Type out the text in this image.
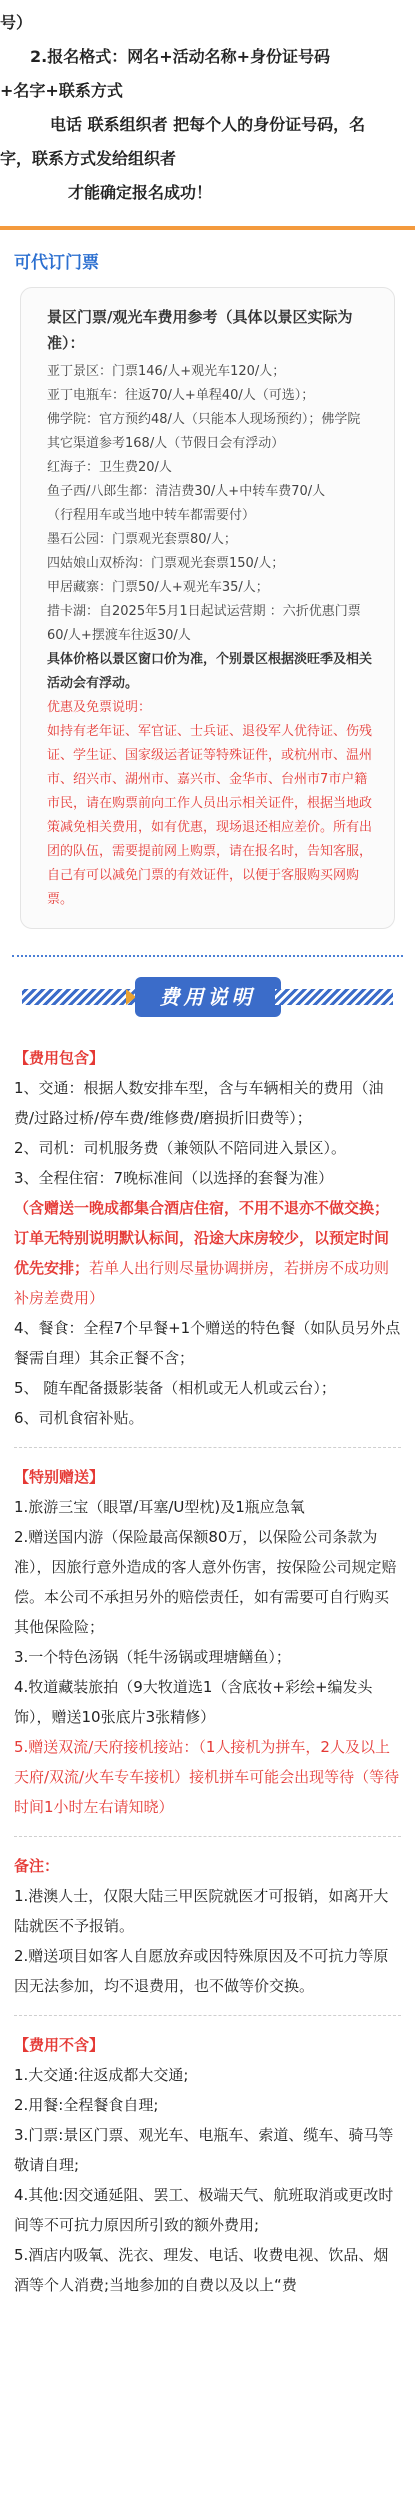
号）

2.报名格式：网名+活动名称+身份证号码

+名字+联系方式

电话 联系组织者 把每个人的身份证号码，名

字，联系方式发给组织者

才能确定报名成功！

可代订门票

景区门票/观光车费用参考（具体以景区实际为准）：

亚丁景区：门票146/人+观光车120/人；

亚丁电瓶车：往返70/人+单程40/人（可选）；

佛学院：官方预约48/人（只能本人现场预约）；佛学院其它渠道参考168/人（节假日会有浮动）

红海子：卫生费20/人

鱼子西/八郎生都：清洁费30/人+中转车费70/人

（行程用车或当地中转车都需要付）

墨石公园：门票观光套票80/人；

四姑娘山双桥沟：门票观光套票150/人；

甲居藏寨：门票50/人+观光车35/人；

措卡湖：自2025年5月1日起试运营期 ：六折优惠门票60/人+摆渡车往返30/人

具体价格以景区窗口价为准，个别景区根据淡旺季及相关活动会有浮动。

优惠及免票说明：

如持有老年证、军官证、士兵证、退役军人优待证、伤残证、学生证、国家级运者证等特殊证件，或杭州市、温州市、绍兴市、湖州市、嘉兴市、金华市、台州市7市户籍市民，请在购票前向工作人员出示相关证件，根据当地政策减免相关费用，如有优惠，现场退还相应差价。所有出团的队伍，需要提前网上购票，请在报名时，告知客服，自己有可以减免门票的有效证件，以便于客服购买网购票。

费用说明

【费用包含】

1、交通：根据人数安排车型，含与车辆相关的费用（油费/过路过桥/停车费/维修费/磨损折旧费等）；

2、司机：司机服务费（兼领队不陪同进入景区）。

3、全程住宿：7晚标准间（以选择的套餐为准）

（含赠送一晚成都集合酒店住宿，不用不退亦不做交换；订单无特别说明默认标间，沿途大床房较少，以预定时间优先安排；若单人出行则尽量协调拼房，若拼房不成功则补房差费用）

4、餐食：全程7个早餐+1个赠送的特色餐（如队员另外点餐需自理）其余正餐不含；

5、 随车配备摄影装备（相机或无人机或云台）；

6、司机食宿补贴。

【特别赠送】

1.旅游三宝（眼罩/耳塞/U型枕)及1瓶应急氧

2.赠送国内游（保险最高保额80万，以保险公司条款为准），因旅行意外造成的客人意外伤害，按保险公司规定赔偿。本公司不承担另外的赔偿责任，如有需要可自行购买其他保险险；

3.一个特色汤锅（牦牛汤锅或理塘鳝鱼）；

4.牧道藏装旅拍（9大牧道选1（含底妆+彩绘+编发头饰），赠送10张底片3张精修）

5.赠送双流/天府接机接站：（1人接机为拼车，2人及以上天府/双流/火车专车接机）接机拼车可能会出现等待（等待时间1小时左右请知晓）

备注：

1.港澳人士，仅限大陆三甲医院就医才可报销，如离开大陆就医不予报销。

2.赠送项目如客人自愿放弃或因特殊原因及不可抗力等原因无法参加，均不退费用，也不做等价交换。

【费用不含】

1.大交通:往返成都大交通;

2.用餐:全程餐食自理;

3.门票:景区门票、观光车、电瓶车、索道、缆车、骑马等敬请自理;

4.其他:因交通延阻、罢工、极端天气、航班取消或更改时间等不可抗力原因所引致的额外费用;

5.酒店内吸氧、洗衣、理发、电话、收费电视、饮品、烟酒等个人消费;当地参加的自费以及以上“费
